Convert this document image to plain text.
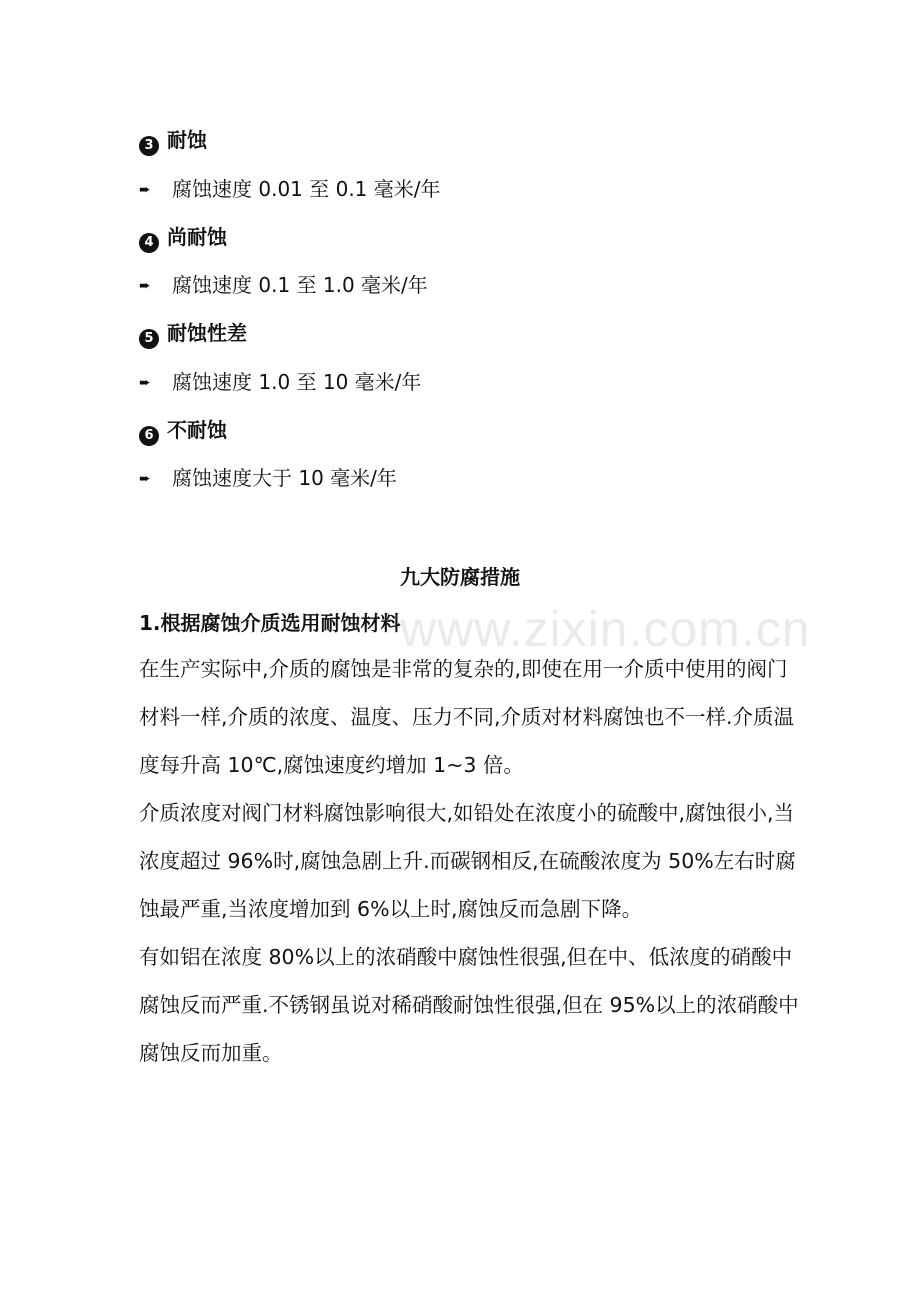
www.zixin.com.cn
3 耐蚀
➨ 腐蚀速度 0.01 至 0.1 毫米/年
4 尚耐蚀
➨ 腐蚀速度 0.1 至 1.0 毫米/年
5 耐蚀性差
➨ 腐蚀速度 1.0 至 10 毫米/年
6 不耐蚀
➨ 腐蚀速度大于 10 毫米/年
九大防腐措施
1.根据腐蚀介质选用耐蚀材料

在生产实际中,介质的腐蚀是非常的复杂的,即使在用一介质中使用的阀门材料一样,介质的浓度、温度、压力不同,介质对材料腐蚀也不一样.介质温度每升高 10℃,腐蚀速度约增加 1~3 倍。

介质浓度对阀门材料腐蚀影响很大,如铅处在浓度小的硫酸中,腐蚀很小,当浓度超过 96%时,腐蚀急剧上升.而碳钢相反,在硫酸浓度为 50%左右时腐蚀最严重,当浓度增加到 6%以上时,腐蚀反而急剧下降。

有如铝在浓度 80%以上的浓硝酸中腐蚀性很强,但在中、低浓度的硝酸中腐蚀反而严重.不锈钢虽说对稀硝酸耐蚀性很强,但在 95%以上的浓硝酸中腐蚀反而加重。
